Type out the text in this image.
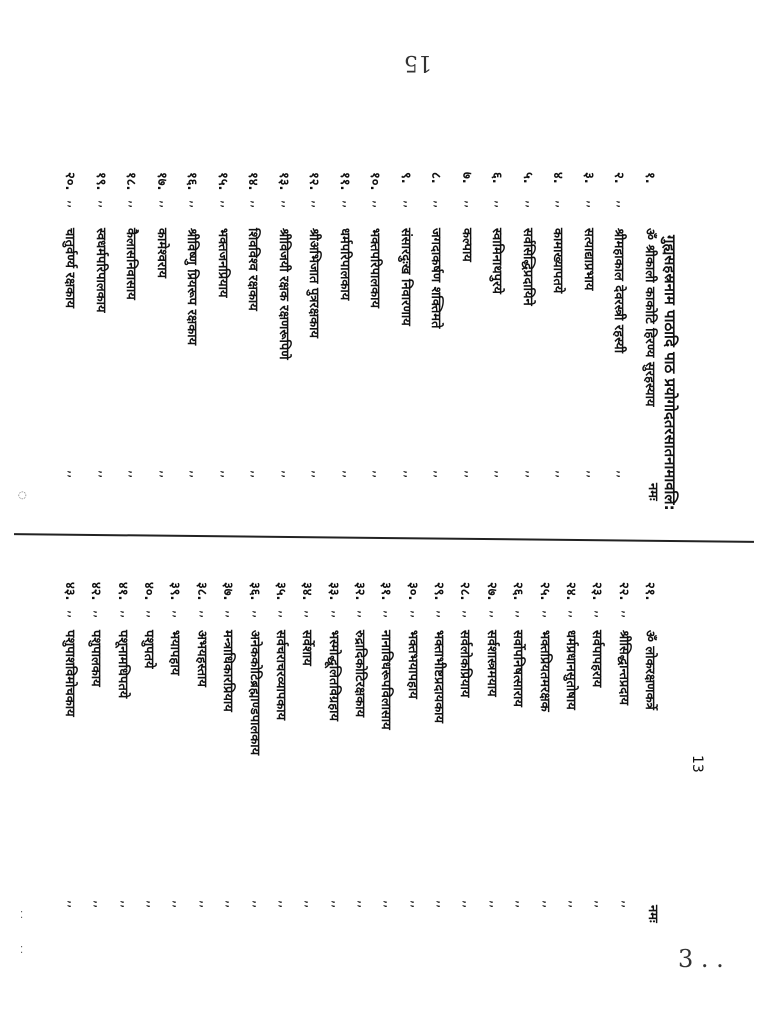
15
3 . .
13
गुह्यसहस्रनाम पाठादि पाठ प्रयोगोदतरसातनामावलि:
नमः
नमः
१.
ॐ श्रीकाली काकोटि हिरण्य सुरहस्याय
२.
,,
श्रीमहाकाल देवरस्त्री रहस्यी
,,
३.
,,
सत्याद्याप्रभाय
,,
४.
,,
कामाख्यापतये
,,
५.
,,
सर्वसिद्धिप्रदायिने
,,
६.
,,
स्वामिनाथपुरये
,,
७.
,,
कल्पाय
,,
८.
,,
जगदाकर्षण शक्तिमते
,,
९.
,,
संसारदुःख निवारणाय
,,
१०.
,,
भक्तपरिपालकाय
,,
११.
,,
धर्मपरिपालकाय
,,
१२.
,,
श्रीअभिजात पुत्ररक्षकाय
,,
१३.
,,
श्रीविजयी रक्षक रक्षणरूपिणे
,,
१४.
,,
शिवविश्व रक्षकाय
,,
१५.
,,
भक्तजनप्रियाय
,,
१६.
,,
श्रीविष्णु प्रियरूप रक्षकाय
,,
१७.
,,
कामेश्वराय
,,
१८.
,,
कैलासनिवासाय
,,
१९.
,,
स्वधर्मपरिपालकाय
,,
२०.
,,
चातुर्वर्ण्य रक्षकाय
,,
२१.
ॐ लोकरक्षणकर्त्रे
२२.
,,
श्रीसिद्धान्तप्रदाय
,,
२३.
,,
सर्वपापहराय
,,
२४.
,,
धर्मप्रधानसुतोषाय
,,
२५.
,,
भक्तप्रियतमरक्षक
,,
२६.
,,
सर्वोपनिषत्साराय
,,
२७.
,,
सर्वशास्त्रमयाय
,,
२८.
,,
सर्वलोकप्रियाय
,,
२९.
,,
भक्ताभीष्टप्रदायकाय
,,
३०.
,,
भक्तभयापहाय
,,
३१.
,,
नानाविधरूपविलासाय
,,
३२.
,,
रुद्रादिकोटिरक्षकाय
,,
३३.
,,
भस्मोद्धूलितविग्रहाय
,,
३४.
,,
सर्वेशाय
,,
३५.
,,
सर्वचराचरव्यापकाय
,,
३६.
,,
अनेककोटिब्रह्माण्डपालकाय
,,
३७.
,,
मन्त्राधिकारप्रियाय
,,
३८.
,,
अभयहस्ताय
,,
३९.
,,
भयापहाय
,,
४०.
,,
पशुपतये
,,
४१.
,,
पशूनामधिपतये
,,
४२.
,,
पशुपालकाय
,,
४३.
,,
पशुपाशविमोचकाय
,,
◌
⁚
⁚
